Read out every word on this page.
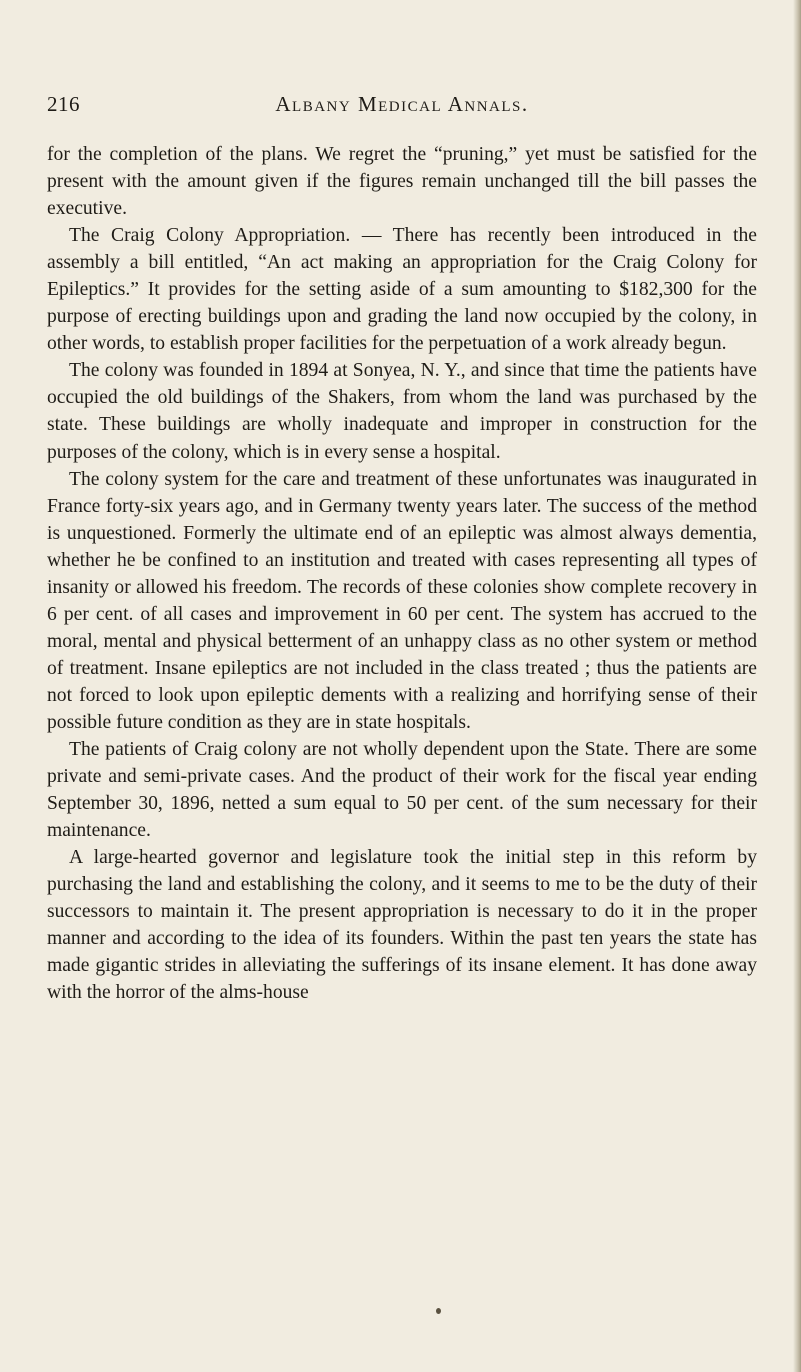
216	Albany Medical Annals.

for the completion of the plans. We regret the “pruning,” yet must be satisfied for the present with the amount given if the figures remain unchanged till the bill passes the executive.

The Craig Colony Appropriation. — There has recently been introduced in the assembly a bill entitled, “An act making an appropriation for the Craig Colony for Epileptics.” It provides for the setting aside of a sum amounting to $182,300 for the purpose of erecting buildings upon and grading the land now occupied by the colony, in other words, to establish proper facilities for the perpetuation of a work already begun.

The colony was founded in 1894 at Sonyea, N. Y., and since that time the patients have occupied the old buildings of the Shakers, from whom the land was purchased by the state. These buildings are wholly inadequate and improper in construction for the purposes of the colony, which is in every sense a hospital.

The colony system for the care and treatment of these unfortunates was inaugurated in France forty-six years ago, and in Germany twenty years later. The success of the method is unquestioned. Formerly the ultimate end of an epileptic was almost always dementia, whether he be confined to an institution and treated with cases representing all types of insanity or allowed his freedom. The records of these colonies show complete recovery in 6 per cent. of all cases and improvement in 60 per cent. The system has accrued to the moral, mental and physical betterment of an unhappy class as no other system or method of treatment. Insane epileptics are not included in the class treated ; thus the patients are not forced to look upon epileptic dements with a realizing and horrifying sense of their possible future condition as they are in state hospitals.

The patients of Craig colony are not wholly dependent upon the State. There are some private and semi-private cases. And the product of their work for the fiscal year ending September 30, 1896, netted a sum equal to 50 per cent. of the sum necessary for their maintenance.

A large-hearted governor and legislature took the initial step in this reform by purchasing the land and establishing the colony, and it seems to me to be the duty of their successors to maintain it. The present appropriation is necessary to do it in the proper manner and according to the idea of its founders. Within the past ten years the state has made gigantic strides in alleviating the sufferings of its insane element. It has done away with the horror of the alms-house
